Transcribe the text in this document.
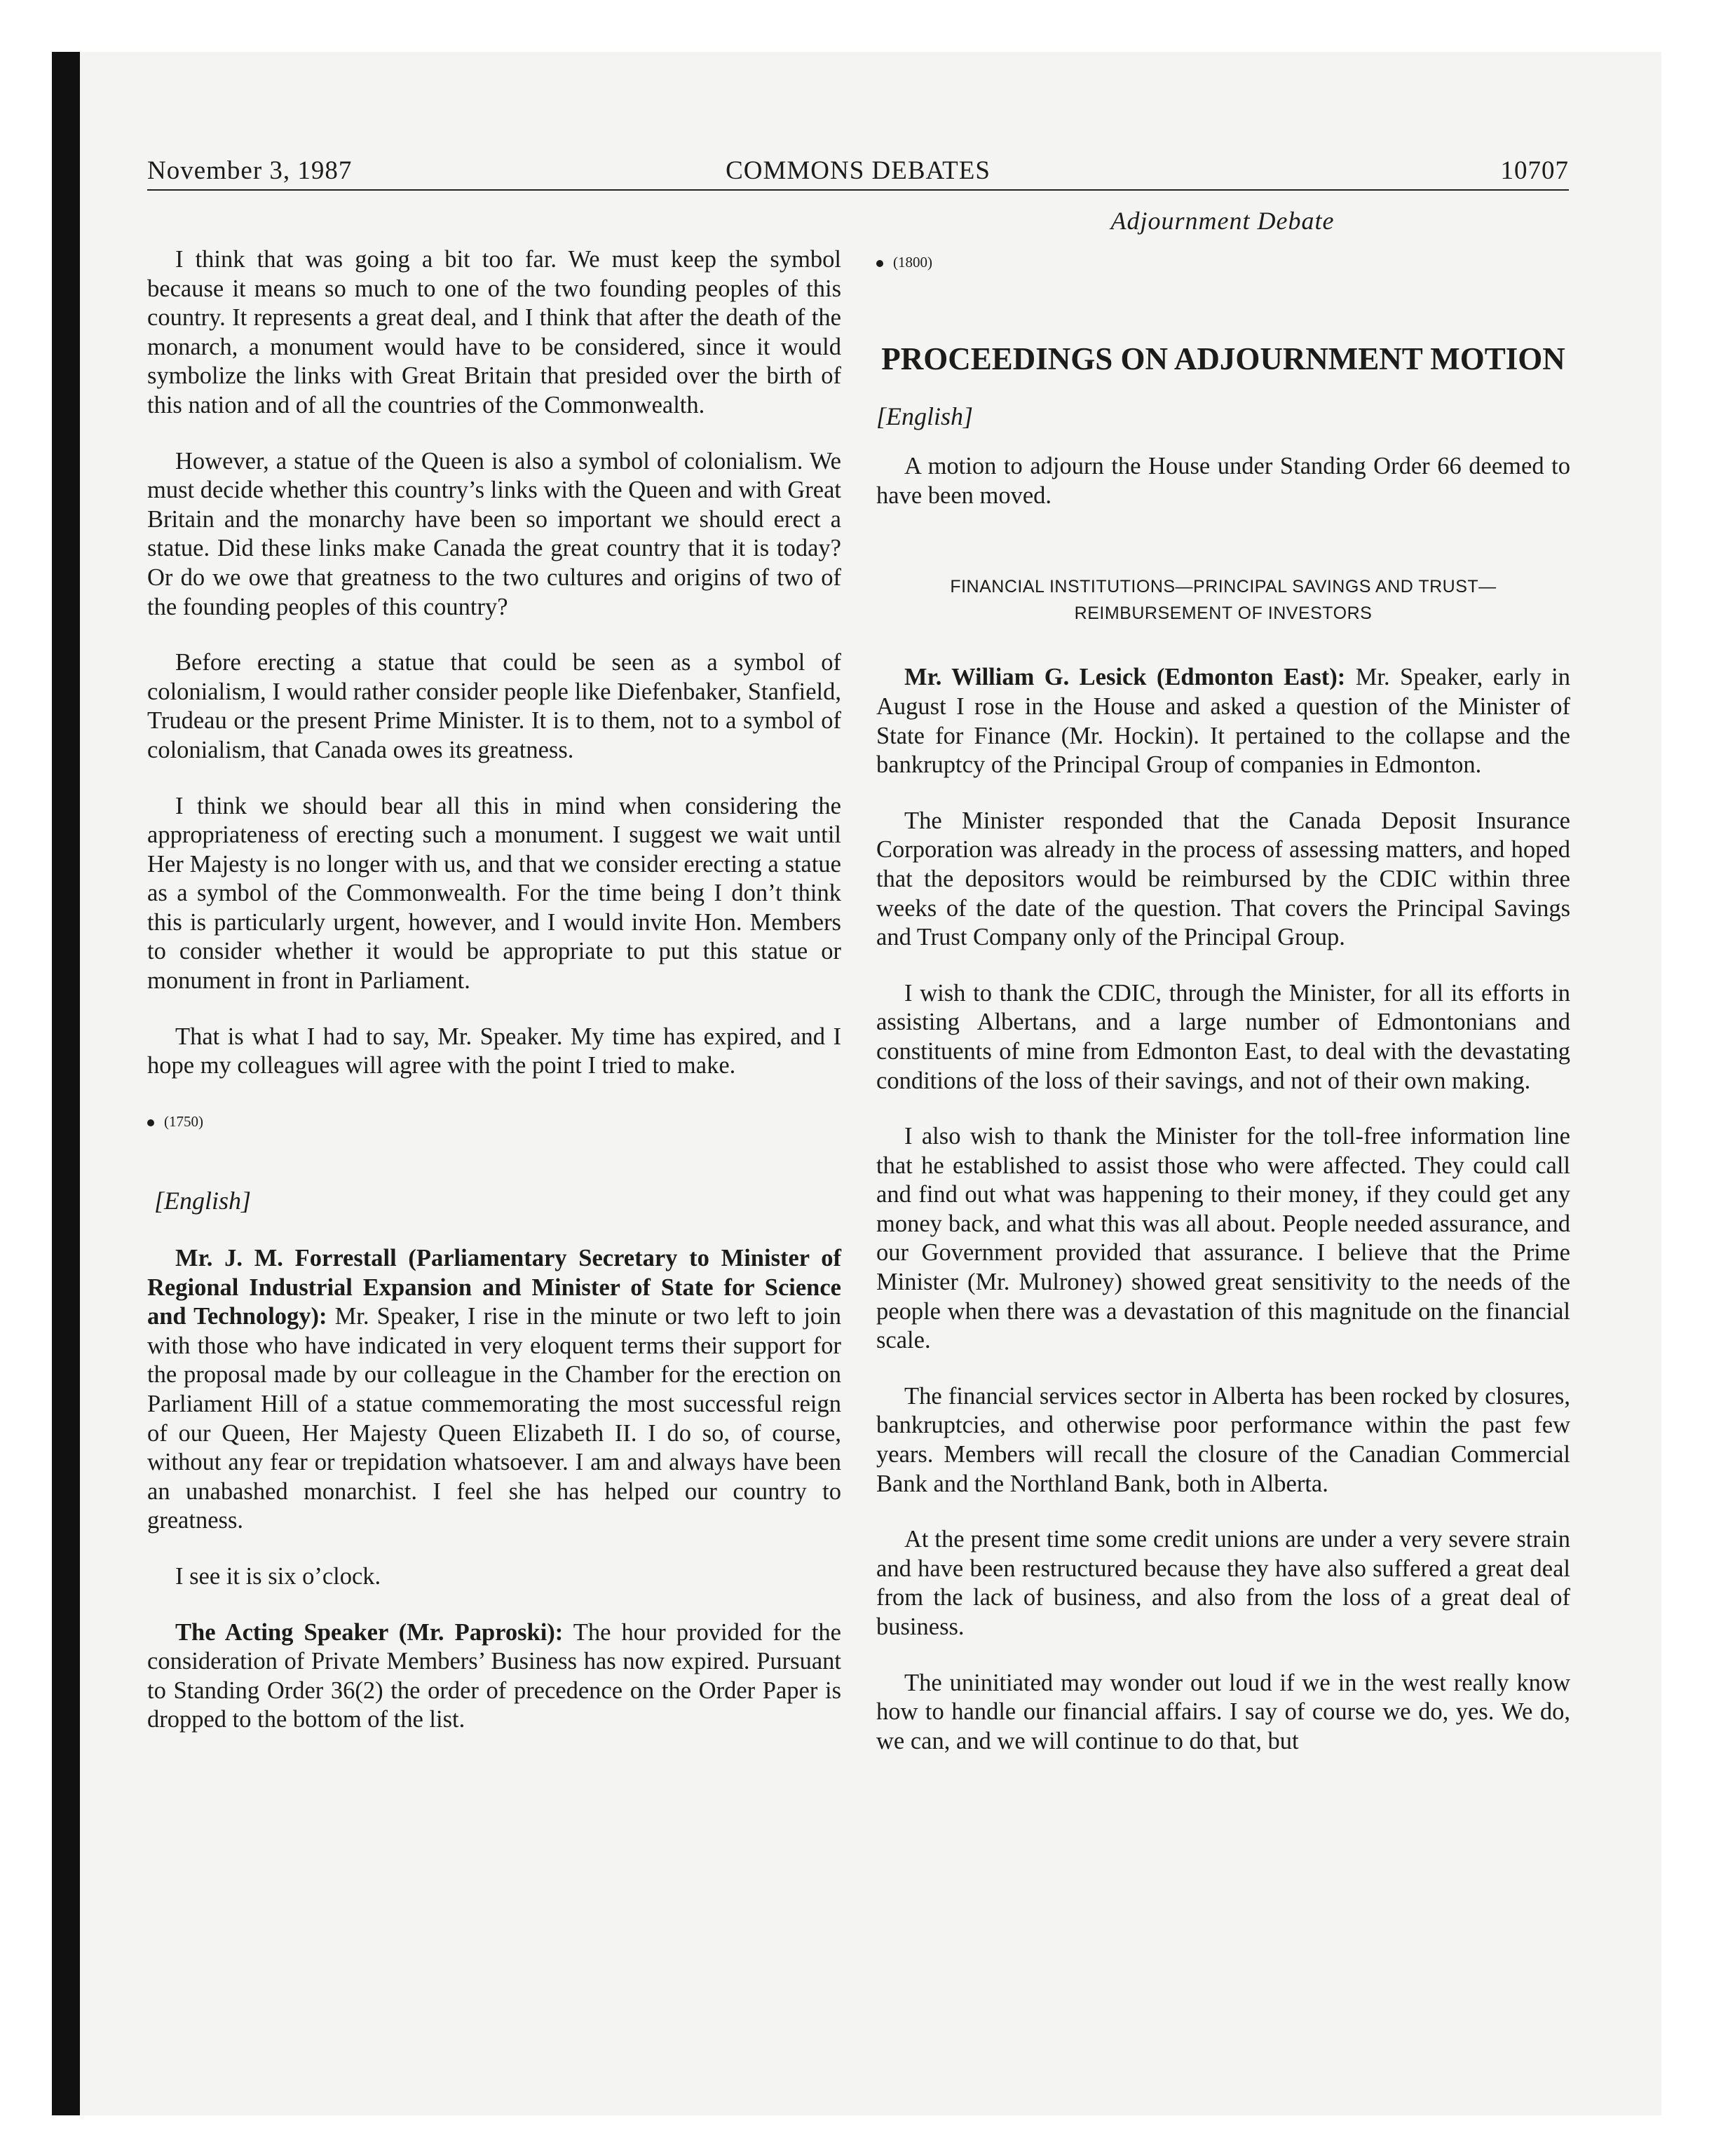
November 3, 1987	COMMONS DEBATES	10707
Adjournment Debate

I think that was going a bit too far. We must keep the symbol because it means so much to one of the two founding peoples of this country. It represents a great deal, and I think that after the death of the monarch, a monument would have to be considered, since it would symbolize the links with Great Britain that presided over the birth of this nation and of all the countries of the Commonwealth.

However, a statue of the Queen is also a symbol of colonialism. We must decide whether this country’s links with the Queen and with Great Britain and the monarchy have been so important we should erect a statue. Did these links make Canada the great country that it is today? Or do we owe that greatness to the two cultures and origins of two of the founding peoples of this country?

Before erecting a statue that could be seen as a symbol of colonialism, I would rather consider people like Diefenbaker, Stanfield, Trudeau or the present Prime Minister. It is to them, not to a symbol of colonialism, that Canada owes its greatness.

I think we should bear all this in mind when considering the appropriateness of erecting such a monument. I suggest we wait until Her Majesty is no longer with us, and that we consider erecting a statue as a symbol of the Commonwealth. For the time being I don’t think this is particularly urgent, however, and I would invite Hon. Members to consider whether it would be appropriate to put this statue or monument in front in Parliament.

That is what I had to say, Mr. Speaker. My time has expired, and I hope my colleagues will agree with the point I tried to make.

(1750)
[English]

Mr. J. M. Forrestall (Parliamentary Secretary to Minister of Regional Industrial Expansion and Minister of State for Science and Technology): Mr. Speaker, I rise in the minute or two left to join with those who have indicated in very eloquent terms their support for the proposal made by our colleague in the Chamber for the erection on Parliament Hill of a statue commemorating the most successful reign of our Queen, Her Majesty Queen Elizabeth II. I do so, of course, without any fear or trepidation whatsoever. I am and always have been an unabashed monarchist. I feel she has helped our country to greatness.

I see it is six o’clock.

The Acting Speaker (Mr. Paproski): The hour provided for the consideration of Private Members’ Business has now expired. Pursuant to Standing Order 36(2) the order of precedence on the Order Paper is dropped to the bottom of the list.

(1800)
PROCEEDINGS ON ADJOURNMENT MOTION
[English]

A motion to adjourn the House under Standing Order 66 deemed to have been moved.

FINANCIAL INSTITUTIONS—PRINCIPAL SAVINGS AND TRUST—REIMBURSEMENT OF INVESTORS

Mr. William G. Lesick (Edmonton East): Mr. Speaker, early in August I rose in the House and asked a question of the Minister of State for Finance (Mr. Hockin). It pertained to the collapse and the bankruptcy of the Principal Group of companies in Edmonton.

The Minister responded that the Canada Deposit Insurance Corporation was already in the process of assessing matters, and hoped that the depositors would be reimbursed by the CDIC within three weeks of the date of the question. That covers the Principal Savings and Trust Company only of the Principal Group.

I wish to thank the CDIC, through the Minister, for all its efforts in assisting Albertans, and a large number of Edmontonians and constituents of mine from Edmonton East, to deal with the devastating conditions of the loss of their savings, and not of their own making.

I also wish to thank the Minister for the toll-free information line that he established to assist those who were affected. They could call and find out what was happening to their money, if they could get any money back, and what this was all about. People needed assurance, and our Government provided that assurance. I believe that the Prime Minister (Mr. Mulroney) showed great sensitivity to the needs of the people when there was a devastation of this magnitude on the financial scale.

The financial services sector in Alberta has been rocked by closures, bankruptcies, and otherwise poor performance within the past few years. Members will recall the closure of the Canadian Commercial Bank and the Northland Bank, both in Alberta.

At the present time some credit unions are under a very severe strain and have been restructured because they have also suffered a great deal from the lack of business, and also from the loss of a great deal of business.

The uninitiated may wonder out loud if we in the west really know how to handle our financial affairs. I say of course we do, yes. We do, we can, and we will continue to do that, but
